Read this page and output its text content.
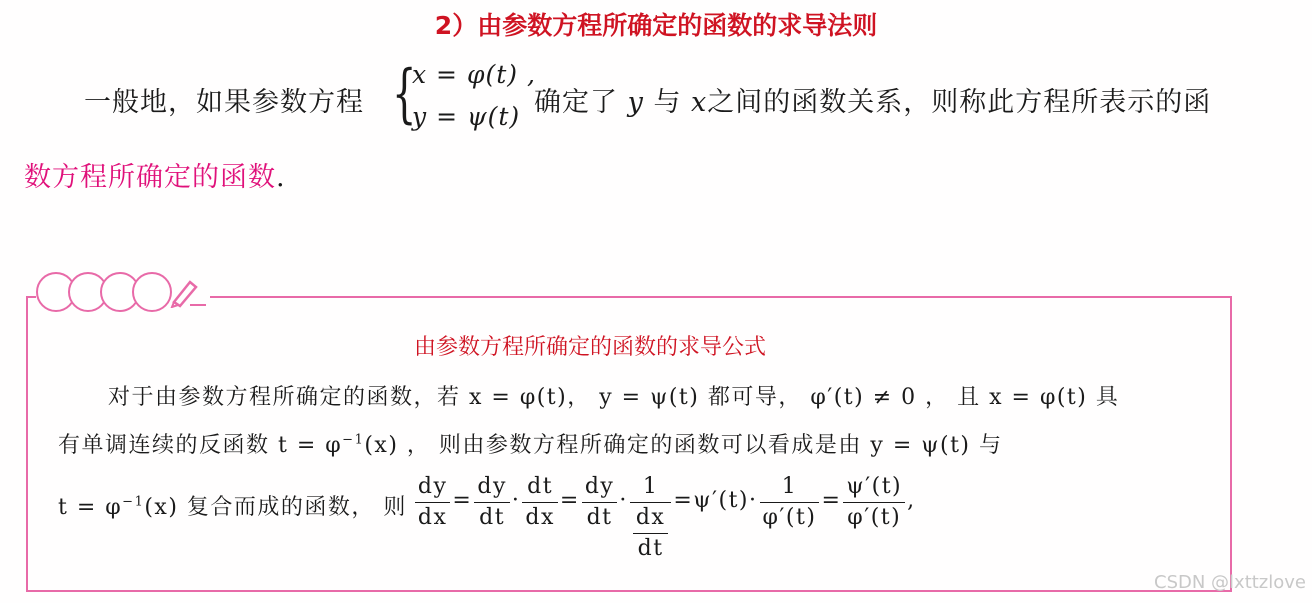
2）由参数方程所确定的函数的求导法则
一般地，如果参数方程 {
x = φ(t) ,
y = ψ(t) 确定了 y 与 x之间的函数关系，则称此方程所表示的函
数方程所确定的函数.
由参数方程所确定的函数的求导公式
对于由参数方程所确定的函数，若 x = φ(t)， y = ψ(t) 都可导， φ′(t) ≠ 0 ， 且 x = φ(t) 具
有单调连续的反函数 $t = \varphi^{-1}(x)$ ， 则由参数方程所确定的函数可以看成是由 y = ψ(t) 与
$t = \varphi^{-1}(x)$ 复合而成的函数， 则 $\frac{dy}{dx} = \frac{dy}{dt} \cdot \frac{dt}{dx} = \frac{dy}{dt} \cdot \frac{1}{\frac{dx}{dt}} = \psi'(t) \cdot \frac{1}{\varphi'(t)} = \frac{\psi'(t)}{\varphi'(t)}$ ,
CSDN @lxttzlove
